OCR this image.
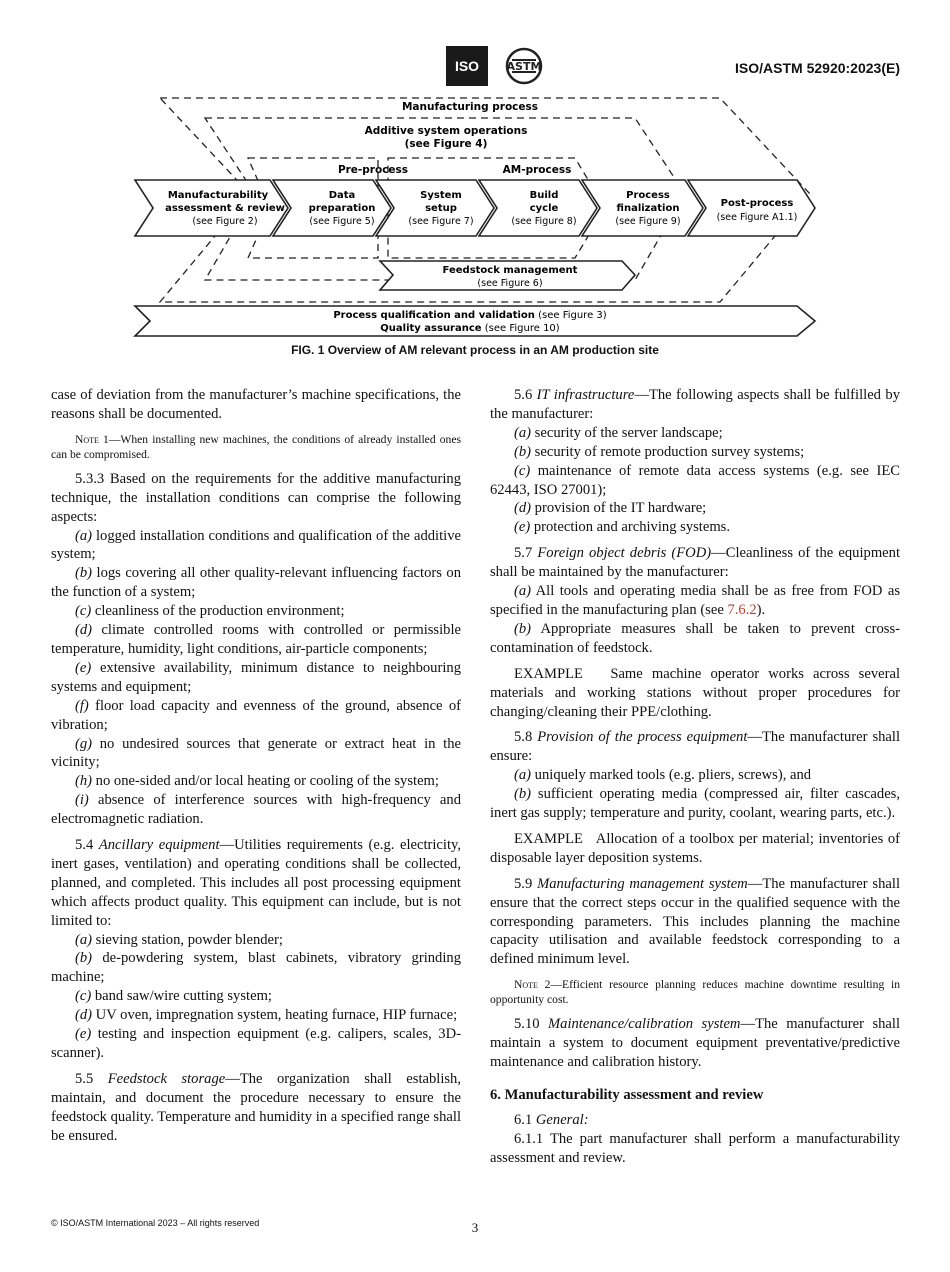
ISO ASTM	ISO/ASTM 52920:2023(E)
Manufacturing process
Additive system operations
(see Figure 4)
Pre-process	AM-process
Manufacturability
assessment & review
(see Figure 2)
Data
preparation
(see Figure 5)
System
setup
(see Figure 7)
Build
cycle
(see Figure 8)
Process
finalization
(see Figure 9)
Post-process
(see Figure A1.1)
Feedstock management
(see Figure 6)
Process qualification and validation (see Figure 3)
Quality assurance (see Figure 10)
FIG. 1 Overview of AM relevant process in an AM production site

case of deviation from the manufacturer’s machine specifications, the reasons shall be documented.

Note 1—When installing new machines, the conditions of already installed ones can be compromised.

5.3.3 Based on the requirements for the additive manufacturing technique, the installation conditions can comprise the following aspects:

(a) logged installation conditions and qualification of the additive system;

(b) logs covering all other quality-relevant influencing factors on the function of a system;

(c) cleanliness of the production environment;

(d) climate controlled rooms with controlled or permissible temperature, humidity, light conditions, air-particle components;

(e) extensive availability, minimum distance to neighbouring systems and equipment;

(f) floor load capacity and evenness of the ground, absence of vibration;

(g) no undesired sources that generate or extract heat in the vicinity;

(h) no one-sided and/or local heating or cooling of the system;

(i) absence of interference sources with high-frequency and electromagnetic radiation.

5.4 Ancillary equipment—Utilities requirements (e.g. electricity, inert gases, ventilation) and operating conditions shall be collected, planned, and completed. This includes all post processing equipment which affects product quality. This equipment can include, but is not limited to:

(a) sieving station, powder blender;

(b) de-powdering system, blast cabinets, vibratory grinding machine;

(c) band saw/wire cutting system;

(d) UV oven, impregnation system, heating furnace, HIP furnace;

(e) testing and inspection equipment (e.g. calipers, scales, 3D-scanner).

5.5 Feedstock storage—The organization shall establish, maintain, and document the procedure necessary to ensure the feedstock quality. Temperature and humidity in a specified range shall be ensured.

5.6 IT infrastructure—The following aspects shall be fulfilled by the manufacturer:

(a) security of the server landscape;

(b) security of remote production survey systems;

(c) maintenance of remote data access systems (e.g. see IEC 62443, ISO 27001);

(d) provision of the IT hardware;

(e) protection and archiving systems.

5.7 Foreign object debris (FOD)—Cleanliness of the equipment shall be maintained by the manufacturer:

(a) All tools and operating media shall be as free from FOD as specified in the manufacturing plan (see 7.6.2).

(b) Appropriate measures shall be taken to prevent cross-contamination of feedstock.

EXAMPLE   Same machine operator works across several materials and working stations without proper procedures for changing/cleaning their PPE/clothing.

5.8 Provision of the process equipment—The manufacturer shall ensure:

(a) uniquely marked tools (e.g. pliers, screws), and

(b) sufficient operating media (compressed air, filter cascades, inert gas supply; temperature and purity, coolant, wearing parts, etc.).

EXAMPLE   Allocation of a toolbox per material; inventories of disposable layer deposition systems.

5.9 Manufacturing management system—The manufacturer shall ensure that the correct steps occur in the qualified sequence with the corresponding parameters. This includes planning the machine capacity utilisation and available feedstock corresponding to a defined minimum level.

Note 2—Efficient resource planning reduces machine downtime resulting in opportunity cost.

5.10 Maintenance/calibration system—The manufacturer shall maintain a system to document equipment preventative/predictive maintenance and calibration history.

6. Manufacturability assessment and review

6.1 General:

6.1.1 The part manufacturer shall perform a manufacturability assessment and review.

© ISO/ASTM International 2023 – All rights reserved	3
